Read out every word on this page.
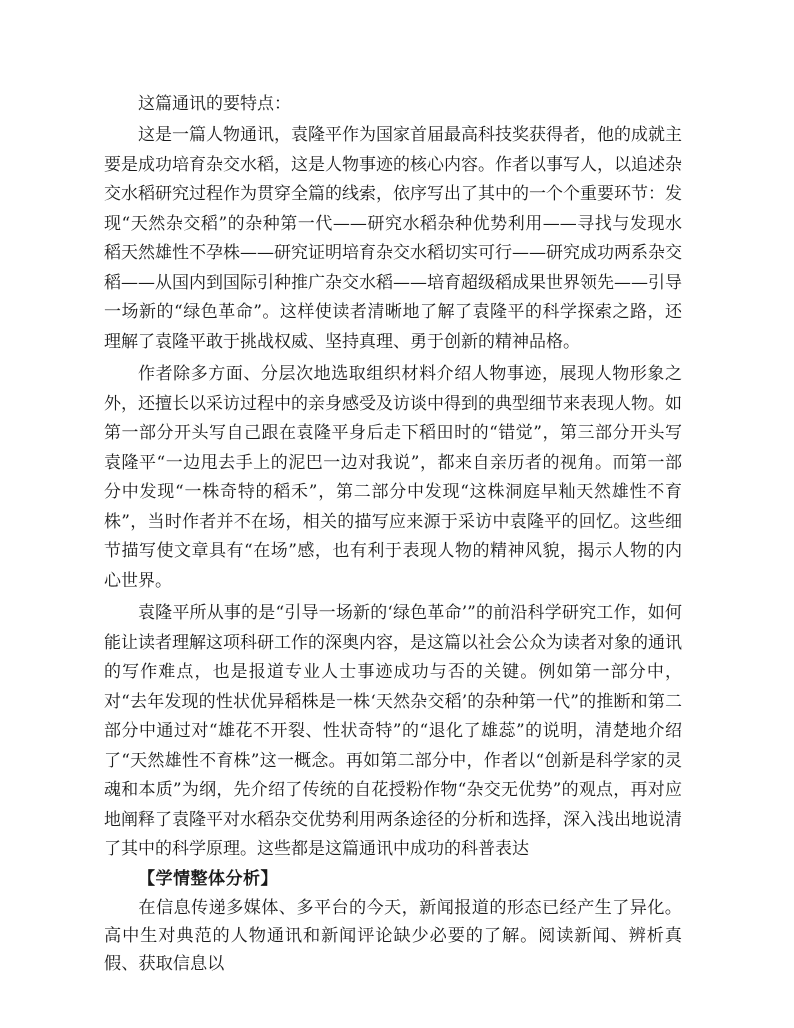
这篇通讯的要特点：

这是一篇人物通讯，袁隆平作为国家首届最高科技奖获得者，他的成就主要是成功培育杂交水稻，这是人物事迹的核心内容。作者以事写人，以追述杂交水稻研究过程作为贯穿全篇的线索，依序写出了其中的一个个重要环节：发现“天然杂交稻”的杂种第一代——研究水稻杂种优势利用——寻找与发现水稻天然雄性不孕株——研究证明培育杂交水稻切实可行——研究成功两系杂交稻——从国内到国际引种推广杂交水稻——培育超级稻成果世界领先——引导一场新的“绿色革命”。这样使读者清晰地了解了袁隆平的科学探索之路，还理解了袁隆平敢于挑战权威、坚持真理、勇于创新的精神品格。

作者除多方面、分层次地选取组织材料介绍人物事迹，展现人物形象之外，还擅长以采访过程中的亲身感受及访谈中得到的典型细节来表现人物。如第一部分开头写自己跟在袁隆平身后走下稻田时的“错觉”，第三部分开头写袁隆平“一边甩去手上的泥巴一边对我说”，都来自亲历者的视角。而第一部分中发现“一株奇特的稻禾”，第二部分中发现“这株洞庭早籼天然雄性不育株”，当时作者并不在场，相关的描写应来源于采访中袁隆平的回忆。这些细节描写使文章具有“在场”感，也有利于表现人物的精神风貌，揭示人物的内心世界。

袁隆平所从事的是“引导一场新的‘绿色革命’”的前沿科学研究工作，如何能让读者理解这项科研工作的深奥内容，是这篇以社会公众为读者对象的通讯的写作难点，也是报道专业人士事迹成功与否的关键。例如第一部分中，对“去年发现的性状优异稻株是一株‘天然杂交稻’的杂种第一代”的推断和第二部分中通过对“雄花不开裂、性状奇特”的“退化了雄蕊”的说明，清楚地介绍了“天然雄性不育株”这一概念。再如第二部分中，作者以“创新是科学家的灵魂和本质”为纲，先介绍了传统的自花授粉作物“杂交无优势”的观点，再对应地阐释了袁隆平对水稻杂交优势利用两条途径的分析和选择，深入浅出地说清了其中的科学原理。这些都是这篇通讯中成功的科普表达

【学情整体分析】

在信息传递多媒体、多平台的今天，新闻报道的形态已经产生了异化。高中生对典范的人物通讯和新闻评论缺少必要的了解。阅读新闻、辨析真假、获取信息以
